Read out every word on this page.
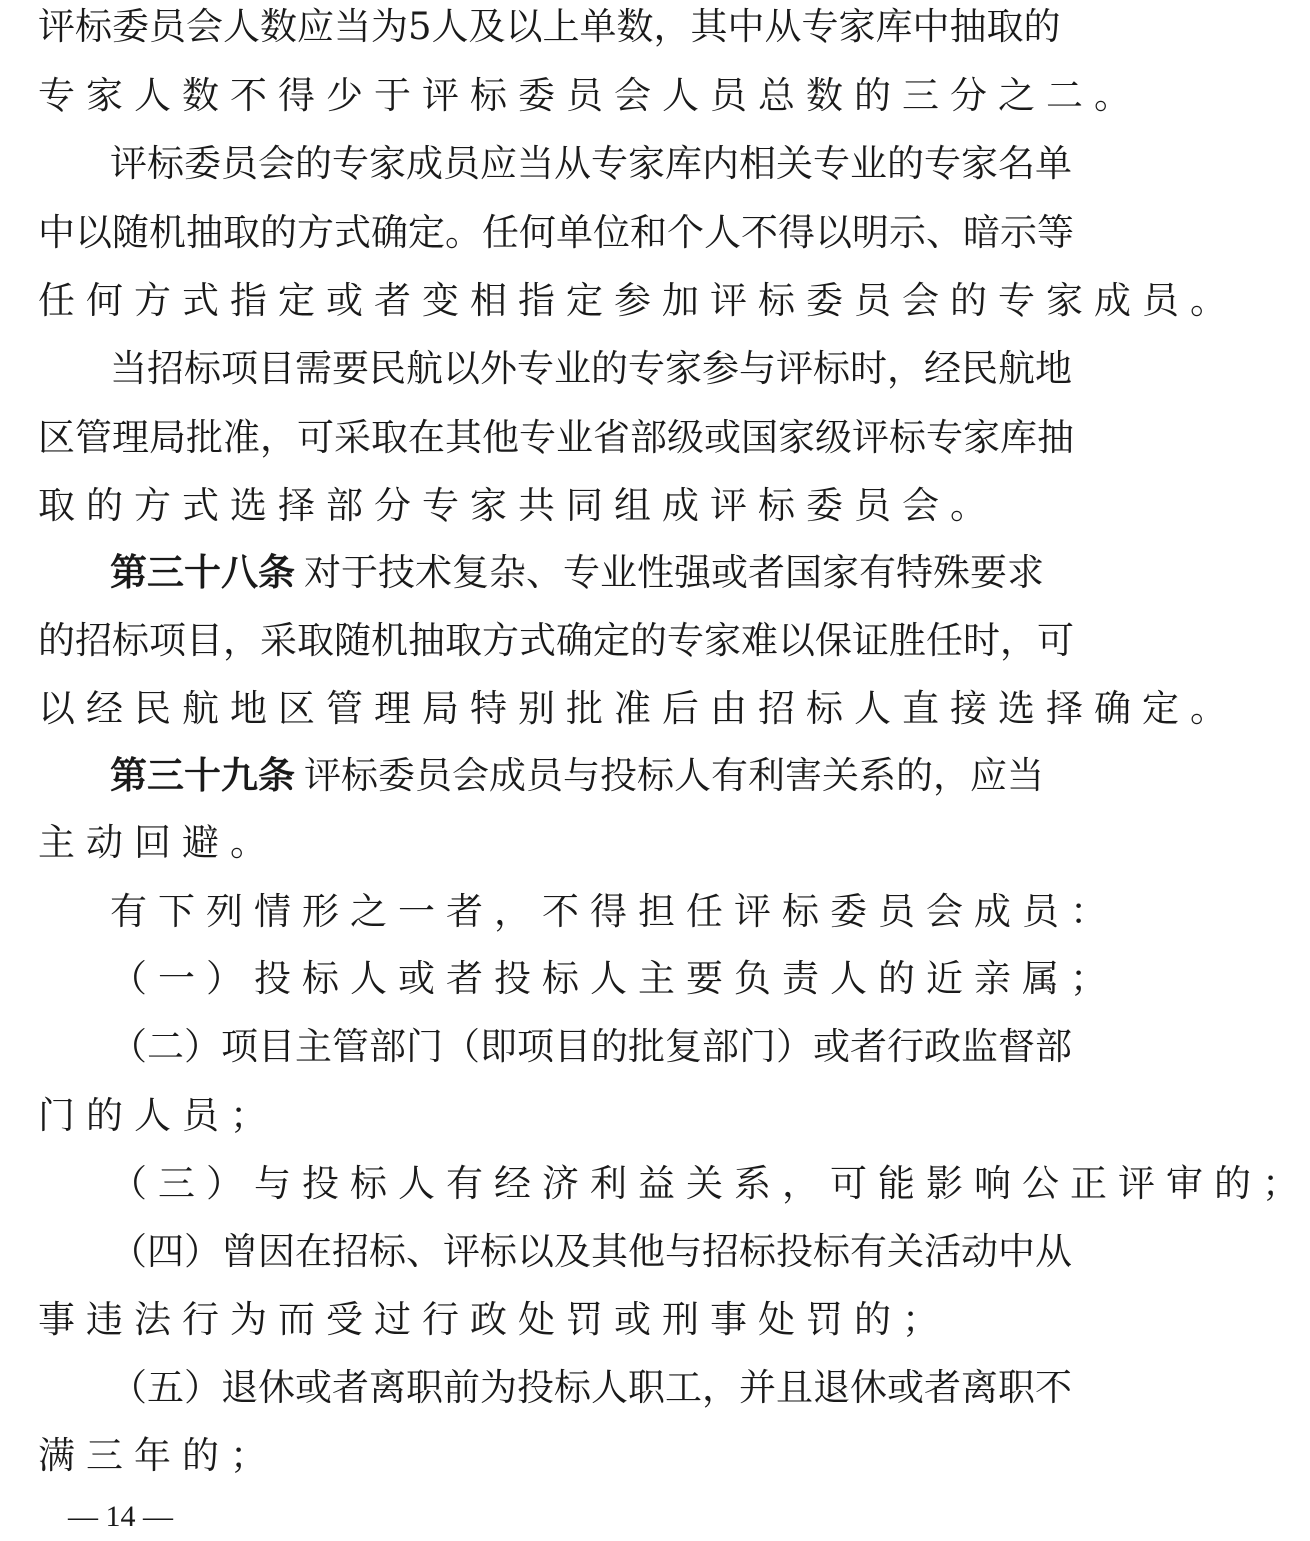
评 标 委 员 会 人 数 应 当 为 5 人 及 以 上 单 数 ， 其 中 从 专 家 库 中 抽 取 的
专家人数不得少于评标委员会人员总数的三分之二。
评 标 委 员 会 的 专 家 成 员 应 当 从 专 家 库 内 相 关 专 业 的 专 家 名 单
中 以 随 机 抽 取 的 方 式 确 定 。 任 何 单 位 和 个 人 不 得 以 明 示 、 暗 示 等
任何方式指定或者变相指定参加评标委员会的专家成员。
当 招 标 项 目 需 要 民 航 以 外 专 业 的 专 家 参 与 评 标 时 ， 经 民 航 地
区 管 理 局 批 准 ， 可 采 取 在 其 他 专 业 省 部 级 或 国 家 级 评 标 专 家 库 抽
取的方式选择部分专家共同组成评标委员会。
第 三 十 八 条 对 于 技 术 复 杂 、 专 业 性 强 或 者 国 家 有 特 殊 要 求
的 招 标 项 目 ， 采 取 随 机 抽 取 方 式 确 定 的 专 家 难 以 保 证 胜 任 时 ， 可
以经民航地区管理局特别批准后由招标人直接选择确定。
第 三 十 九 条 评 标 委 员 会 成 员 与 投 标 人 有 利 害 关 系 的 ， 应 当
主动回避。
有下列情形之一者，不得担任评标委员会成员：
（一）投标人或者投标人主要负责人的近亲属；
（ 二 ） 项 目 主 管 部 门 （ 即 项 目 的 批 复 部 门 ） 或 者 行 政 监 督 部
门的人员；
（三）与投标人有经济利益关系，可能影响公正评审的；
（ 四 ） 曾 因 在 招 标 、 评 标 以 及 其 他 与 招 标 投 标 有 关 活 动 中 从
事违法行为而受过行政处罚或刑事处罚的；
（ 五 ） 退 休 或 者 离 职 前 为 投 标 人 职 工 ， 并 且 退 休 或 者 离 职 不
满三年的；
— 14 —
